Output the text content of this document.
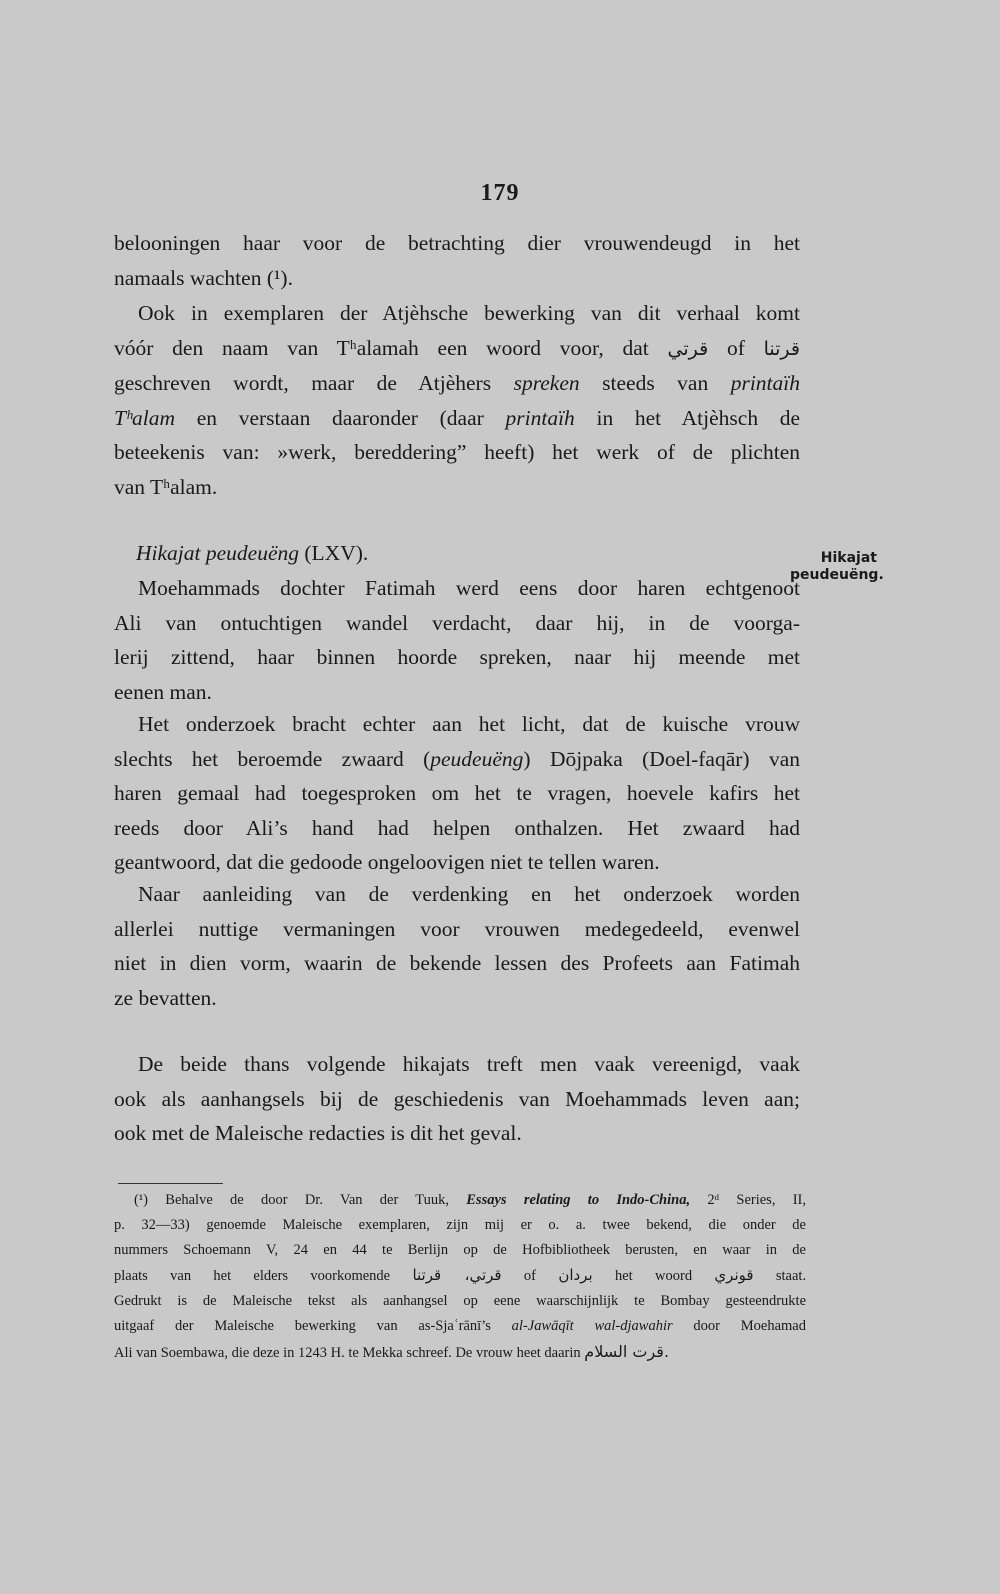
179
belooningen haar voor de betrachting dier vrouwendeugd in het
namaals wachten (¹).
Ook in exemplaren der Atjèhsche bewerking van dit verhaal komt
vóór den naam van Tʰalamah een woord voor, dat قرتي of قرتنا
geschreven wordt, maar de Atjèhers spreken steeds van printaïh
Tʰalam en verstaan daaronder (daar printaïh in het Atjèhsch de
beteekenis van: »werk, bereddering” heeft) het werk of de plichten
van Tʰalam.
Hikajat peudeuëng (LXV).	Hikajat
peudeuëng.
Moehammads dochter Fatimah werd eens door haren echtgenoot
Ali van ontuchtigen wandel verdacht, daar hij, in de voorga-
lerij zittend, haar binnen hoorde spreken, naar hij meende met
eenen man.
Het onderzoek bracht echter aan het licht, dat de kuische vrouw
slechts het beroemde zwaard (peudeuëng) Dōjpaka (Doel-faqār) van
haren gemaal had toegesproken om het te vragen, hoevele kafirs het
reeds door Ali’s hand had helpen onthalzen. Het zwaard had
geantwoord, dat die gedoode ongeloovigen niet te tellen waren.
Naar aanleiding van de verdenking en het onderzoek worden
allerlei nuttige vermaningen voor vrouwen medegedeeld, evenwel
niet in dien vorm, waarin de bekende lessen des Profeets aan Fatimah
ze bevatten.
De beide thans volgende hikajats treft men vaak vereenigd, vaak
ook als aanhangsels bij de geschiedenis van Moehammads leven aan;
ook met de Maleische redacties is dit het geval.
(¹) Behalve de door Dr. Van der Tuuk, Essays relating to Indo-China, 2ᵈ Series, II,
p. 32—33) genoemde Maleische exemplaren, zijn mij er o. a. twee bekend, die onder de
nummers Schoemann V, 24 en 44 te Berlijn op de Hofbibliotheek berusten, en waar in de
plaats van het elders voorkomende قرتي، قرتنا of بردان het woord قونري staat.
Gedrukt is de Maleische tekst als aanhangsel op eene waarschijnlijk te Bombay gesteendrukte
uitgaaf der Maleische bewerking van as-Sjaʿrānī’s al-Jawāqīt wal-djawahir door Moehamad
Ali van Soembawa, die deze in 1243 H. te Mekka schreef. De vrouw heet daarin قرت السلام.
